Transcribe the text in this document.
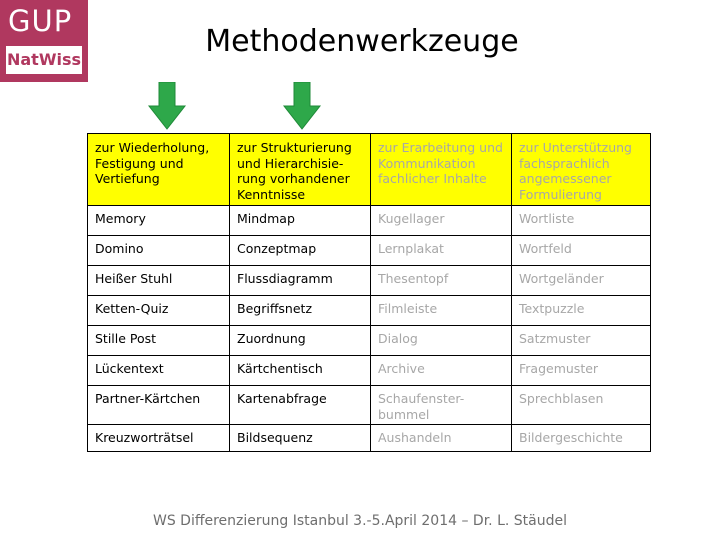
GUP
NatWiss
Methodenwerkzeuge
zur Wiederholung, Festigung und Vertiefung	zur Strukturierung und Hierarchisie-rung vorhandener Kenntnisse	zur Erarbeitung und Kommunikation fachlicher Inhalte	zur Unterstützung fachsprachlich angemessener Formulierung
Memory	Mindmap	Kugellager	Wortliste
Domino	Conzeptmap	Lernplakat	Wortfeld
Heißer Stuhl	Flussdiagramm	Thesentopf	Wortgeländer
Ketten-Quiz	Begriffsnetz	Filmleiste	Textpuzzle
Stille Post	Zuordnung	Dialog	Satzmuster
Lückentext	Kärtchentisch	Archive	Fragemuster
Partner-Kärtchen	Kartenabfrage	Schaufenster-bummel	Sprechblasen
Kreuzworträtsel	Bildsequenz	Aushandeln	Bildergeschichte
WS Differenzierung Istanbul 3.-5.April 2014 – Dr. L. Stäudel
